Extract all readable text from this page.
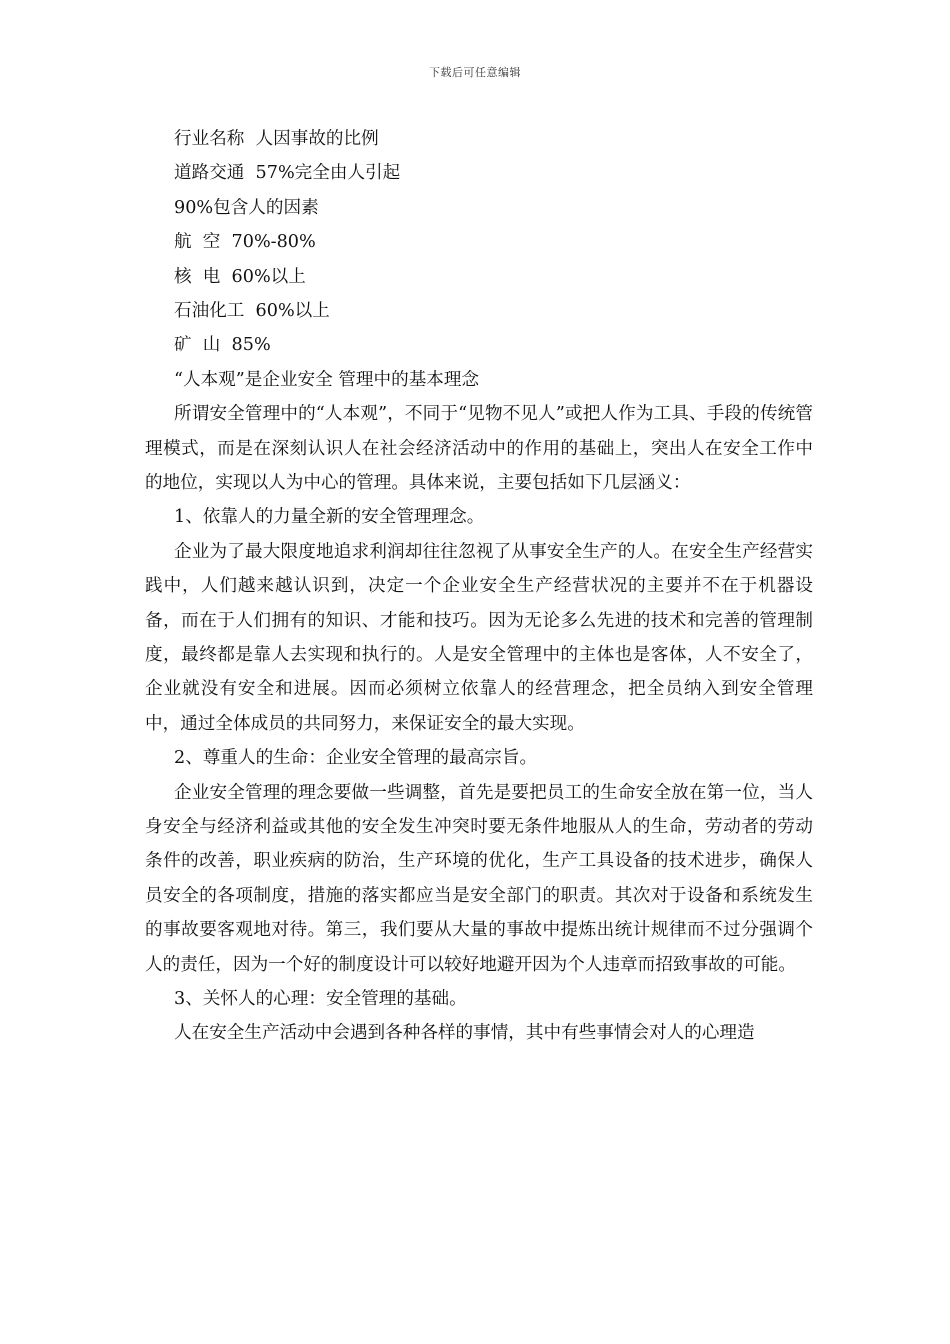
下载后可任意编辑
行业名称  人因事故的比例
道路交通  57%完全由人引起
90%包含人的因素
航  空  70%-80%
核  电  60%以上
石油化工  60%以上
矿  山  85%
“人本观”是企业安全 管理中的基本理念

所谓安全管理中的“人本观”，不同于“见物不见人”或把人作为工具、手段的传统管理模式，而是在深刻认识人在社会经济活动中的作用的基础上，突出人在安全工作中的地位，实现以人为中心的管理。具体来说，主要包括如下几层涵义：

1、依靠人的力量全新的安全管理理念。

企业为了最大限度地追求利润却往往忽视了从事安全生产的人。在安全生产经营实践中，人们越来越认识到，决定一个企业安全生产经营状况的主要并不在于机器设备，而在于人们拥有的知识、才能和技巧。因为无论多么先进的技术和完善的管理制度，最终都是靠人去实现和执行的。人是安全管理中的主体也是客体，人不安全了，企业就没有安全和进展。因而必须树立依靠人的经营理念，把全员纳入到安全管理中，通过全体成员的共同努力，来保证安全的最大实现。

2、尊重人的生命：企业安全管理的最高宗旨。

企业安全管理的理念要做一些调整，首先是要把员工的生命安全放在第一位，当人身安全与经济利益或其他的安全发生冲突时要无条件地服从人的生命，劳动者的劳动条件的改善，职业疾病的防治，生产环境的优化，生产工具设备的技术进步，确保人员安全的各项制度，措施的落实都应当是安全部门的职责。其次对于设备和系统发生的事故要客观地对待。第三，我们要从大量的事故中提炼出统计规律而不过分强调个人的责任，因为一个好的制度设计可以较好地避开因为个人违章而招致事故的可能。

3、关怀人的心理：安全管理的基础。

人在安全生产活动中会遇到各种各样的事情，其中有些事情会对人的心理造
